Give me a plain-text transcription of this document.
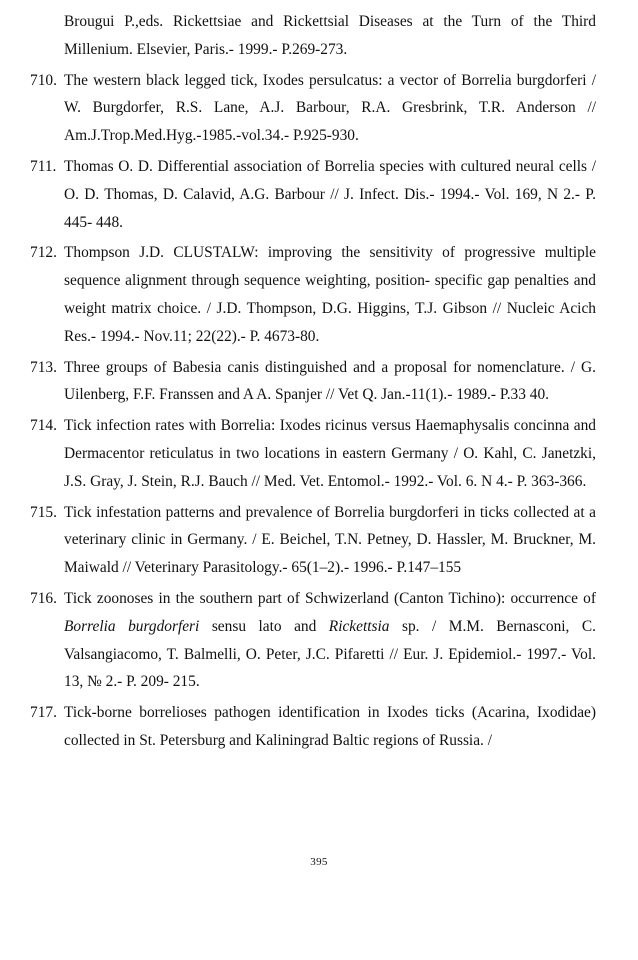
Brougui P.,eds. Rickettsiae and Rickettsial Diseases at the Turn of the Third Millenium. Elsevier, Paris.- 1999.- P.269-273.
710. The western black legged tick, Ixodes persulcatus: a vector of Borrelia burgdorferi / W. Burgdorfer, R.S. Lane, A.J. Barbour, R.A. Gresbrink, T.R. Anderson // Am.J.Trop.Med.Hyg.-1985.-vol.34.- P.925-930.
711. Thomas O. D. Differential association of Borrelia species with cultured neural cells / O. D. Thomas, D. Calavid, A.G. Barbour // J. Infect. Dis.- 1994.- Vol. 169, N 2.- P. 445- 448.
712. Thompson J.D. CLUSTALW: improving the sensitivity of progressive multiple sequence alignment through sequence weighting, position- specific gap penalties and weight matrix choice. / J.D. Thompson, D.G. Higgins, T.J. Gibson // Nucleic Acich Res.- 1994.- Nov.11; 22(22).- P. 4673-80.
713. Three groups of Babesia canis distinguished and a proposal for nomenclature. / G. Uilenberg, F.F. Franssen and A A. Spanjer // Vet Q. Jan.-11(1).- 1989.- P.33 40.
714. Tick infection rates with Borrelia: Ixodes ricinus versus Haemaphysalis concinna and Dermacentor reticulatus in two locations in eastern Germany / O. Kahl, C. Janetzki, J.S. Gray, J. Stein, R.J. Bauch // Med. Vet. Entomol.- 1992.- Vol. 6. N 4.- P. 363-366.
715. Tick infestation patterns and prevalence of Borrelia burgdorferi in ticks collected at a veterinary clinic in Germany. / E. Beichel, T.N. Petney, D. Hassler, M. Bruckner, M. Maiwald // Veterinary Parasitology.- 65(1–2).- 1996.- P.147–155
716. Tick zoonoses in the southern part of Schwizerland (Canton Tichino): occurrence of Borrelia burgdorferi sensu lato and Rickettsia sp. / M.M. Bernasconi, C. Valsangiacomo, T. Balmelli, O. Peter, J.C. Pifaretti // Eur. J. Epidemiol.- 1997.- Vol. 13, № 2.- P. 209- 215.
717. Tick-borne borrelioses pathogen identification in Ixodes ticks (Acarina, Ixodidae) collected in St. Petersburg and Kaliningrad Baltic regions of Russia. /
395
